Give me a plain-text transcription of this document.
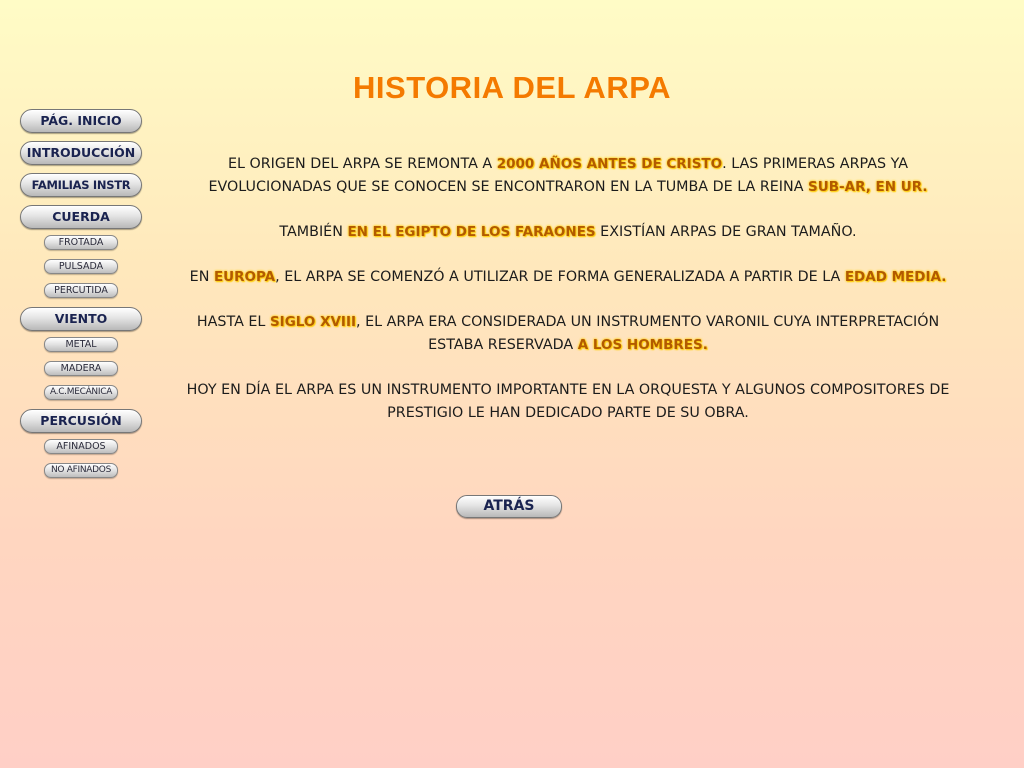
PÁG. INICIO
INTRODUCCIÓN
FAMILIAS INSTR
CUERDA
FROTADA
PULSADA
PERCUTIDA
VIENTO
METAL
MADERA
A.C.MECÁNICA
PERCUSIÓN
AFINADOS
NO AFINADOS
HISTORIA DEL ARPA

EL ORIGEN DEL ARPA SE REMONTA A 2000 AÑOS ANTES DE CRISTO. LAS PRIMERAS ARPAS YA EVOLUCIONADAS QUE SE CONOCEN SE ENCONTRARON EN LA TUMBA DE LA REINA SUB-AR, EN UR.

TAMBIÉN EN EL EGIPTO DE LOS FARAONES EXISTÍAN ARPAS DE GRAN TAMAÑO.

EN EUROPA, EL ARPA SE COMENZÓ A UTILIZAR DE FORMA GENERALIZADA A PARTIR DE LA EDAD MEDIA.

HASTA EL SIGLO XVIII, EL ARPA ERA CONSIDERADA UN INSTRUMENTO VARONIL CUYA INTERPRETACIÓN ESTABA RESERVADA A LOS HOMBRES.

HOY EN DÍA EL ARPA ES UN INSTRUMENTO IMPORTANTE EN LA ORQUESTA Y ALGUNOS COMPOSITORES DE PRESTIGIO LE HAN DEDICADO PARTE DE SU OBRA.

ATRÁS
